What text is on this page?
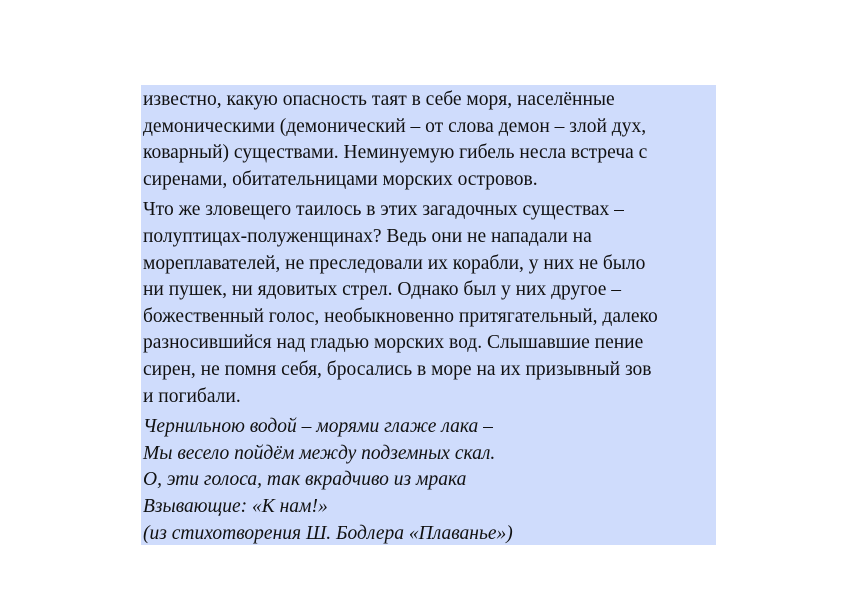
известно, какую опасность таят в себе моря, населённые
демоническими (демонический – от слова демон – злой дух,
коварный) существами. Неминуемую гибель несла встреча с
сиренами, обитательницами морских островов.

Что же зловещего таилось в этих загадочных существах –
полуптицах-полуженщинах? Ведь они не нападали на
мореплавателей, не преследовали их корабли, у них не было
ни пушек, ни ядовитых стрел. Однако был у них другое –
божественный голос, необыкновенно притягательный, далеко
разносившийся над гладью морских вод. Слышавшие пение
сирен, не помня себя, бросались в море на их призывный зов
и погибали.

Чернильною водой – морями глаже лака –
Мы весело пойдём между подземных скал.
О, эти голоса, так вкрадчиво из мрака
Взывающие: «К нам!»
(из стихотворения Ш. Бодлера «Плаванье»)
